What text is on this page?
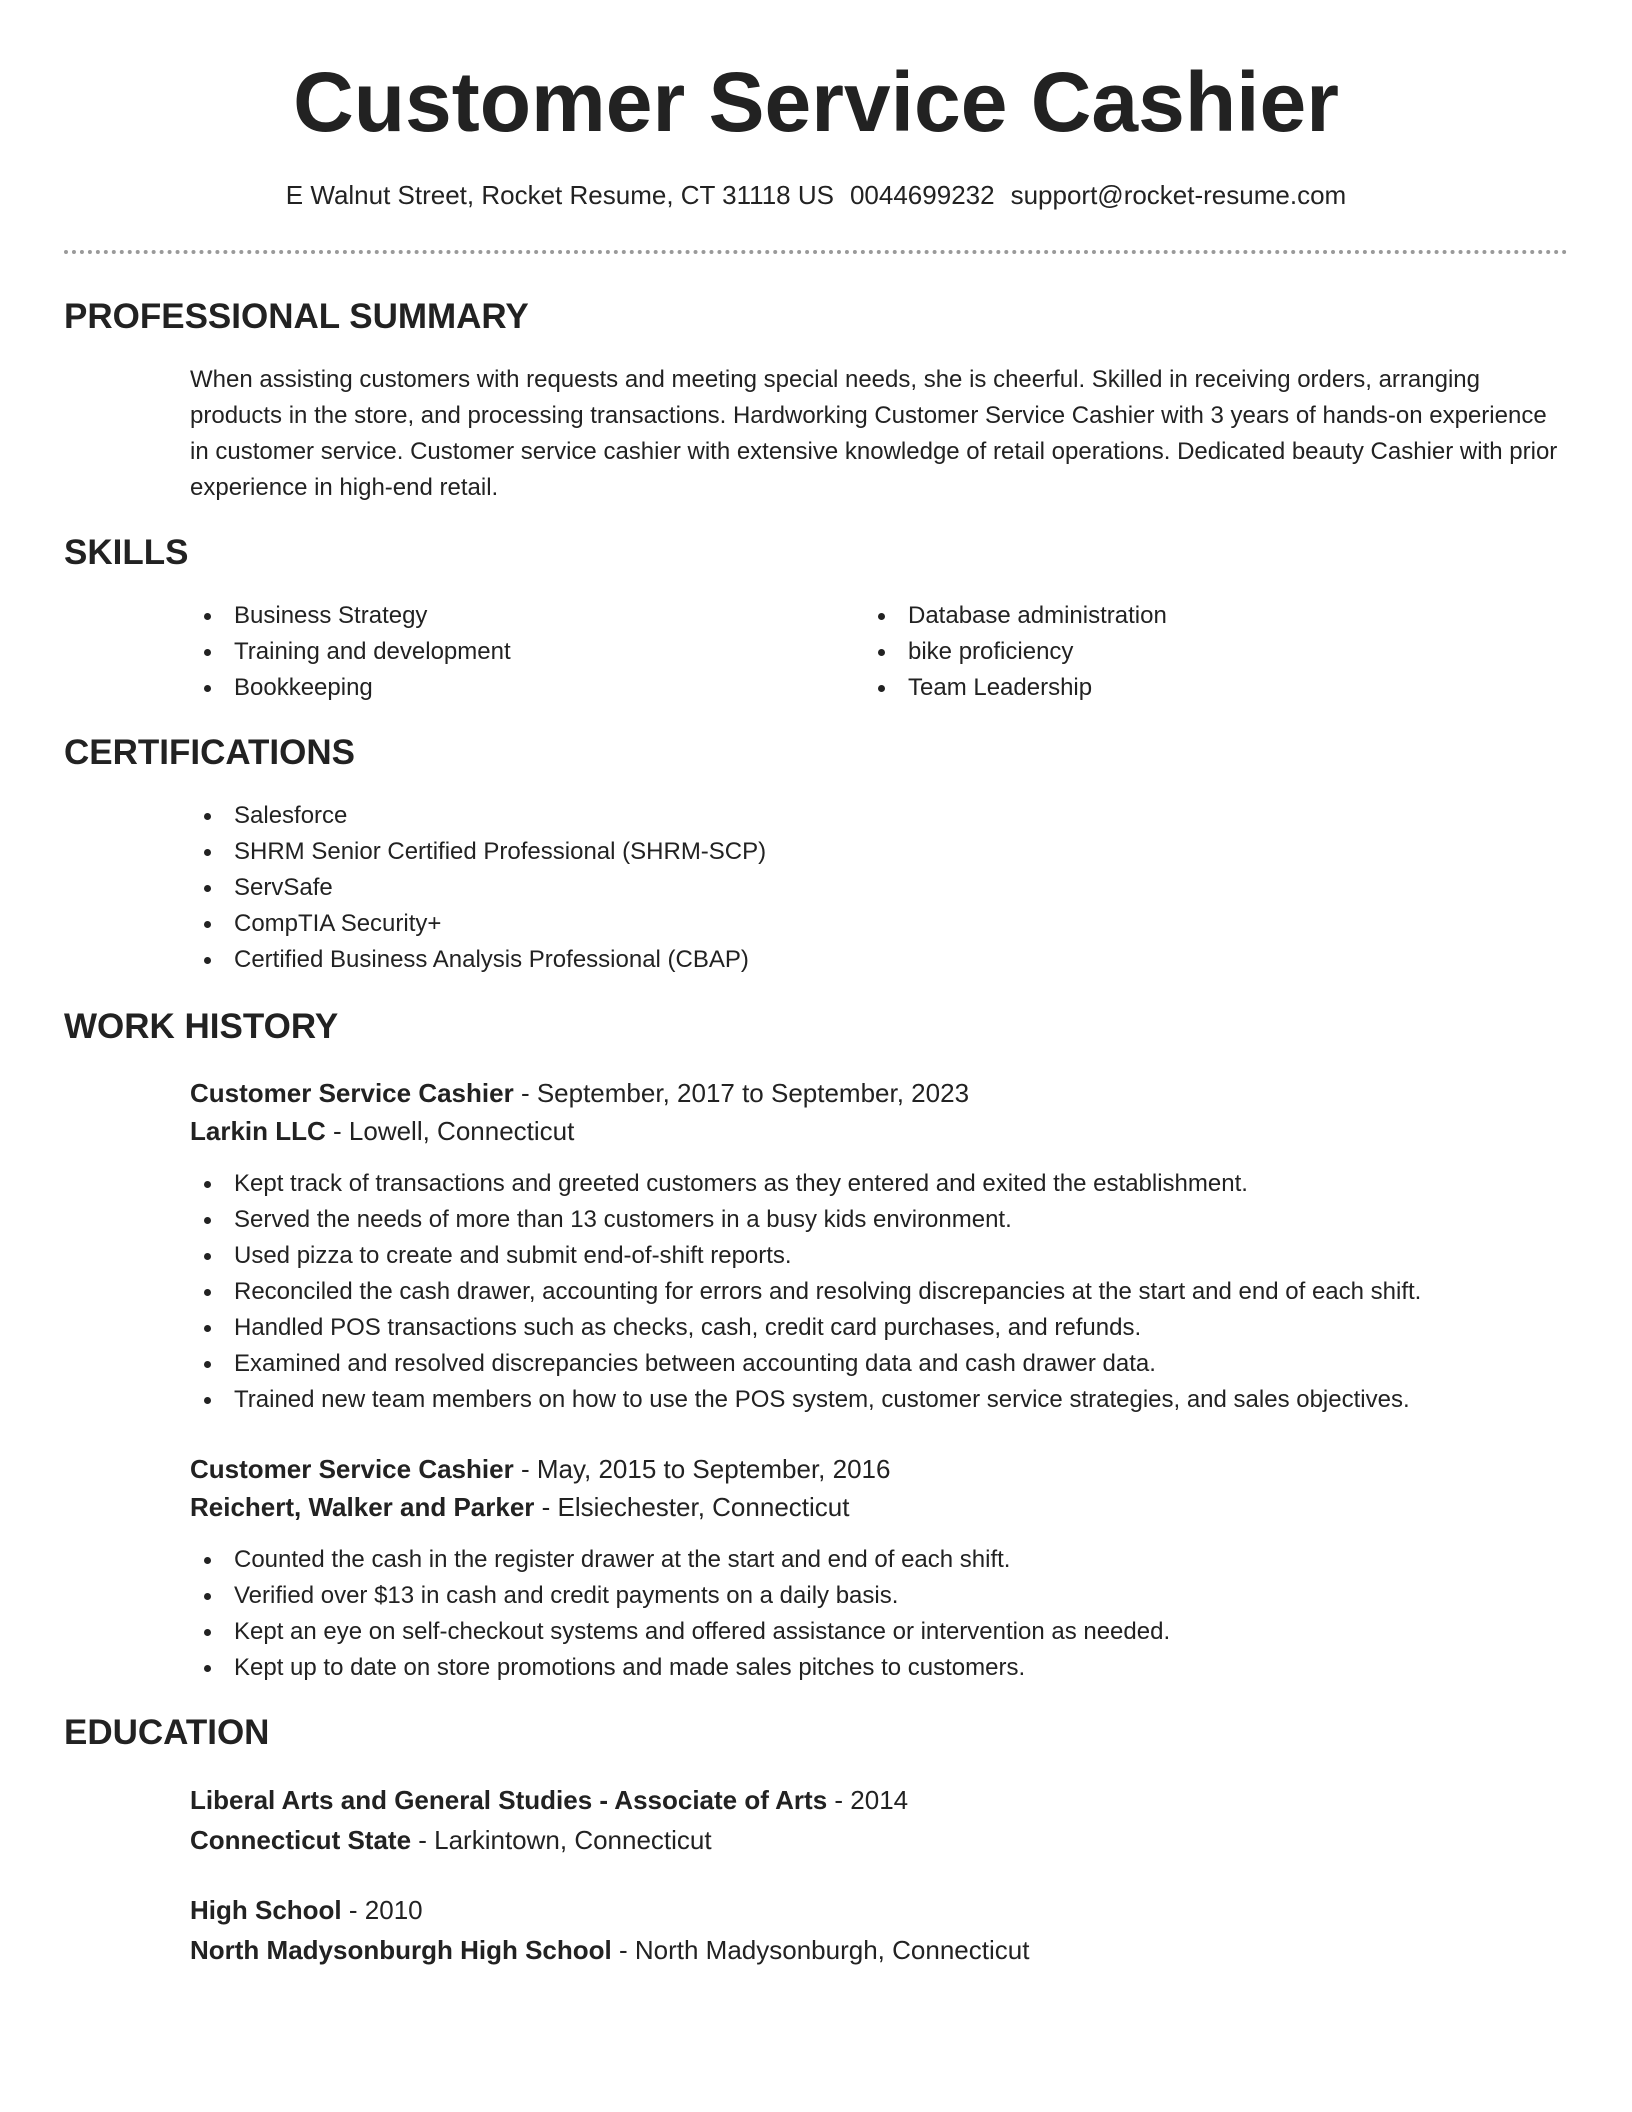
Customer Service Cashier
E Walnut Street, Rocket Resume, CT 31118 US 0044699232 support@rocket-resume.com
PROFESSIONAL SUMMARY

When assisting customers with requests and meeting special needs, she is cheerful. Skilled in receiving orders, arranging products in the store, and processing transactions. Hardworking Customer Service Cashier with 3 years of hands-on experience in customer service. Customer service cashier with extensive knowledge of retail operations. Dedicated beauty Cashier with prior experience in high-end retail.

SKILLS
Business Strategy
Training and development
Bookkeeping
Database administration
bike proficiency
Team Leadership
CERTIFICATIONS
Salesforce
SHRM Senior Certified Professional (SHRM-SCP)
ServSafe
CompTIA Security+
Certified Business Analysis Professional (CBAP)
WORK HISTORY
Customer Service Cashier - September, 2017 to September, 2023
Larkin LLC - Lowell, Connecticut
Kept track of transactions and greeted customers as they entered and exited the establishment.
Served the needs of more than 13 customers in a busy kids environment.
Used pizza to create and submit end-of-shift reports.
Reconciled the cash drawer, accounting for errors and resolving discrepancies at the start and end of each shift.
Handled POS transactions such as checks, cash, credit card purchases, and refunds.
Examined and resolved discrepancies between accounting data and cash drawer data.
Trained new team members on how to use the POS system, customer service strategies, and sales objectives.
Customer Service Cashier - May, 2015 to September, 2016
Reichert, Walker and Parker - Elsiechester, Connecticut
Counted the cash in the register drawer at the start and end of each shift.
Verified over $13 in cash and credit payments on a daily basis.
Kept an eye on self-checkout systems and offered assistance or intervention as needed.
Kept up to date on store promotions and made sales pitches to customers.
EDUCATION
Liberal Arts and General Studies - Associate of Arts - 2014
Connecticut State - Larkintown, Connecticut
High School - 2010
North Madysonburgh High School - North Madysonburgh, Connecticut
